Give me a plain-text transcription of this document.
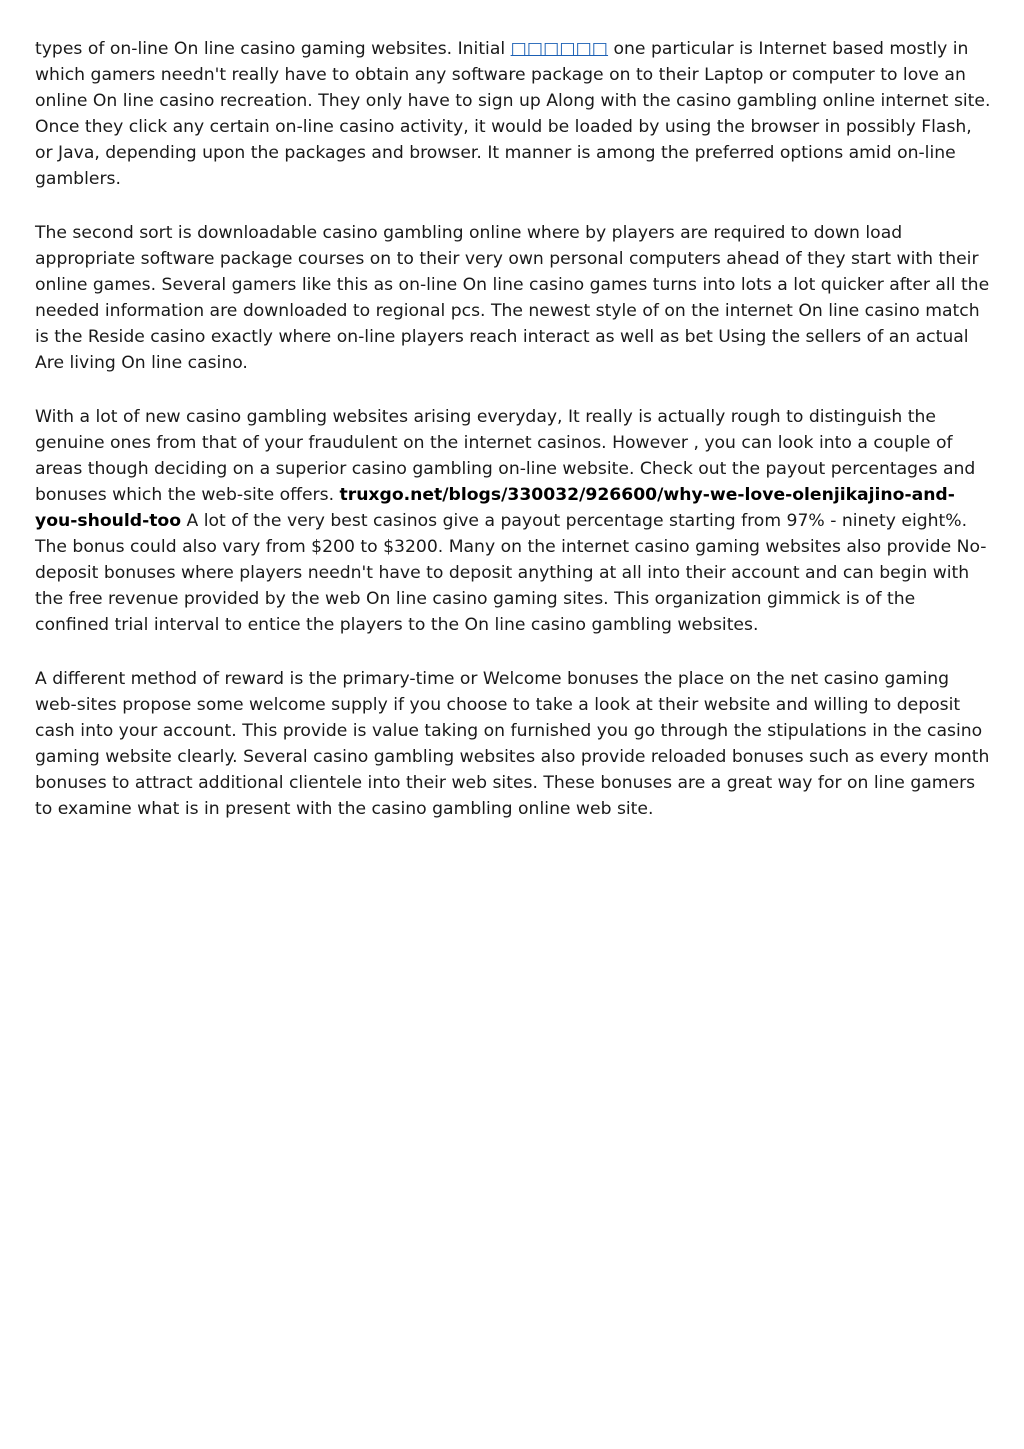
types of on-line On line casino gaming websites. Initial □□□□□□ one particular is Internet based mostly in which gamers needn't really have to obtain any software package on to their Laptop or computer to love an online On line casino recreation. They only have to sign up Along with the casino gambling online internet site. Once they click any certain on-line casino activity, it would be loaded by using the browser in possibly Flash, or Java, depending upon the packages and browser. It manner is among the preferred options amid on-line gamblers.

The second sort is downloadable casino gambling online where by players are required to down load appropriate software package courses on to their very own personal computers ahead of they start with their online games. Several gamers like this as on-line On line casino games turns into lots a lot quicker after all the needed information are downloaded to regional pcs. The newest style of on the internet On line casino match is the Reside casino exactly where on-line players reach interact as well as bet Using the sellers of an actual Are living On line casino.

With a lot of new casino gambling websites arising everyday, It really is actually rough to distinguish the genuine ones from that of your fraudulent on the internet casinos. However , you can look into a couple of areas though deciding on a superior casino gambling on-line website. Check out the payout percentages and bonuses which the web-site offers. truxgo.net/blogs/330032/926600/why-we-love-olenjikajino-and-you-should-too A lot of the very best casinos give a payout percentage starting from 97% - ninety eight%. The bonus could also vary from $200 to $3200. Many on the internet casino gaming websites also provide No-deposit bonuses where players needn't have to deposit anything at all into their account and can begin with the free revenue provided by the web On line casino gaming sites. This organization gimmick is of the confined trial interval to entice the players to the On line casino gambling websites.

A different method of reward is the primary-time or Welcome bonuses the place on the net casino gaming web-sites propose some welcome supply if you choose to take a look at their website and willing to deposit cash into your account. This provide is value taking on furnished you go through the stipulations in the casino gaming website clearly. Several casino gambling websites also provide reloaded bonuses such as every month bonuses to attract additional clientele into their web sites. These bonuses are a great way for on line gamers to examine what is in present with the casino gambling online web site.
